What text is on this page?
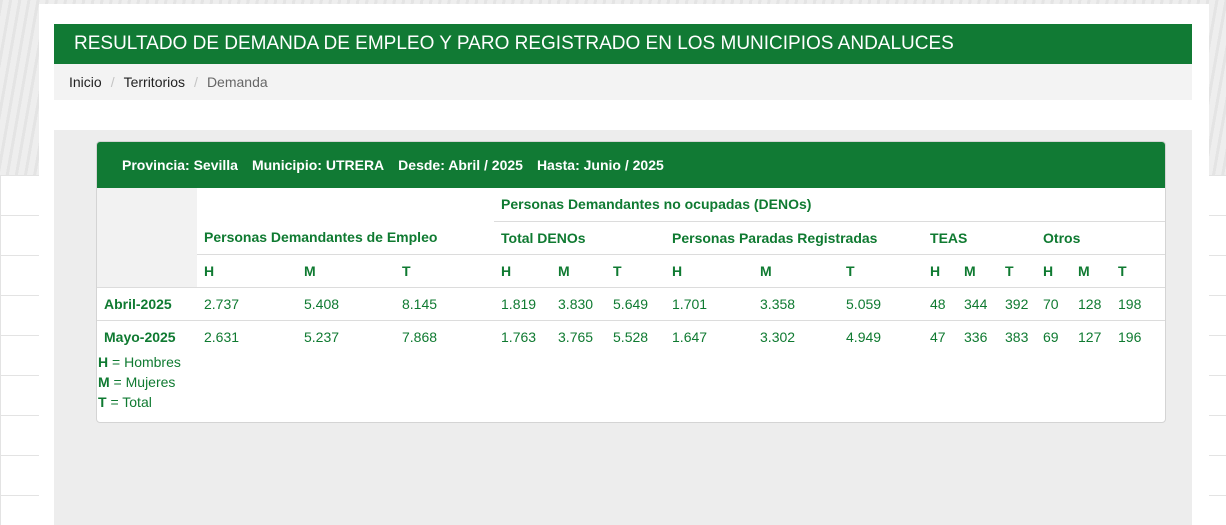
RESULTADO DE DEMANDA DE EMPLEO Y PARO REGISTRADO EN LOS MUNICIPIOS ANDALUCES
Inicio / Territorios / Demanda
Provincia: Sevilla Municipio: UTRERA Desde: Abril / 2025 Hasta: Junio / 2025
				Personas Demandantes no ocupadas (DENOs)											
	Personas Demandantes de Empleo			Total DENOs			Personas Paradas Registradas			TEAS			Otros		
	H	M	T	H	M	T	H	M	T	H	M	T	H	M	T
Abril-2025	2.737	5.408	8.145	1.819	3.830	5.649	1.701	3.358	5.059	48	344	392	70	128	198
Mayo-2025	2.631	5.237	7.868	1.763	3.765	5.528	1.647	3.302	4.949	47	336	383	69	127	196
H = Hombres
M = Mujeres
T = Total
